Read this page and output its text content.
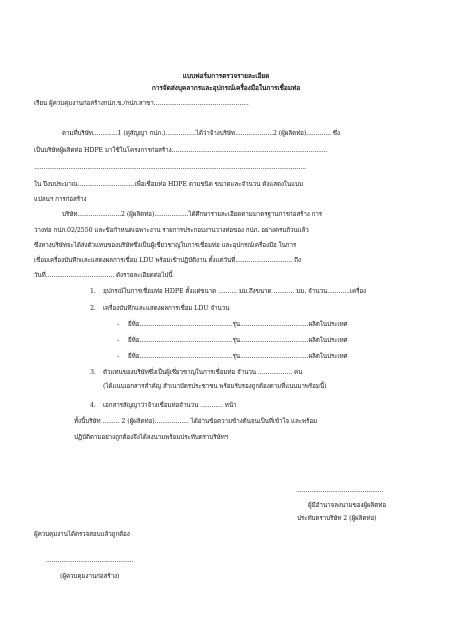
แบบฟอร์มการตรวจรายละเอียด
การจัดส่งบุคลากรและอุปกรณ์เครื่องมือในการเชื่อมท่อ
เรียน ผู้ควบคุมงานก่อสร้างกปภ.ข./กปภ.สาขา..................................................
ตามที่บริษัท.............1 (คู่สัญญา กปภ.)................ได้ว่าจ้างบริษัท....................2 (ผู้ผลิตท่อ)............. ซึ่ง
เป็นบริษัทผู้ผลิตท่อ HDPE มาใช้ในโครงการก่อสร้าง..................................................................................
...............................................................................................................................................
ใน ปีงบประมาณ..............................เพื่อเชื่อมท่อ HDPE ตามชนิด ขนาดและจำนวน ดังแสดงในแบบ
แปลนฯ การก่อสร้าง
บริษัท.......................2 (ผู้ผลิตท่อ)..................ได้ศึกษารายละเอียดตามมาตรฐานการก่อสร้าง การ
วางท่อ กปภ.02/2550 และข้อกำหนดเฉพาะงาน รายการประกอบงานวางท่อของ กปภ. อย่างครบถ้วนแล้ว
ซึ่งทางบริษัทจะได้ส่งตัวแทนของบริษัทซึ่งเป็นผู้เชี่ยวชาญในการเชื่อมท่อ และอุปกรณ์เครื่องมือ ในการ
เชื่อมเครื่องบันทึกและแสดงผลการเชื่อม LDU พร้อมเข้าปฏิบัติงาน ตั้งแต่วันที่.............................. ถึง
วันที่.................................... ดังรายละเอียดต่อไปนี้
1. อุปกรณ์ในการเชื่อมท่อ HDPE ตั้งแต่ขนาด .......... มม.ถึงขนาด ........... มม. จำนวน............เครื่อง
2. เครื่องบันทึกและแสดงผลการเชื่อม LDU จำนวน
- ยี่ห้อ.................................................รุ่น....................................ผลิตในประเทศ
- ยี่ห้อ.................................................รุ่น....................................ผลิตในประเทศ
- ยี่ห้อ.................................................รุ่น....................................ผลิตในประเทศ
3. ตัวแทนของบริษัทซึ่งเป็นผู้เชี่ยวชาญในการเชื่อมท่อ จำนวน .................. คน
(ได้แนบเอกสารสำคัญ สำเนาบัตรประชาชน พร้อมรับรองถูกต้องตามที่แนบมาพร้อมนี้)
4. เอกสารสัญญาว่าจ้างเชื่อมท่อจำนวน ............ หน้า
ทั้งนี้บริษัท ......... 2 (ผู้ผลิตท่อ).................. ได้อ่านข้อความข้างต้นจนเป็นที่เข้าใจ และพร้อม
ปฏิบัติตามอย่างถูกต้องจึงได้ลงนามพร้อมประทับตราบริษัทฯ
..............................................
ผู้มีอำนาจลงนามของผู้ผลิตท่อ
ประทับตราบริษัท 2 (ผู้ผลิตท่อ)
ผู้ควบคุมงานได้ตรวจสอบแล้วถูกต้อง
..............................................
(ผู้ควบคุมงานก่อสร้าง)
